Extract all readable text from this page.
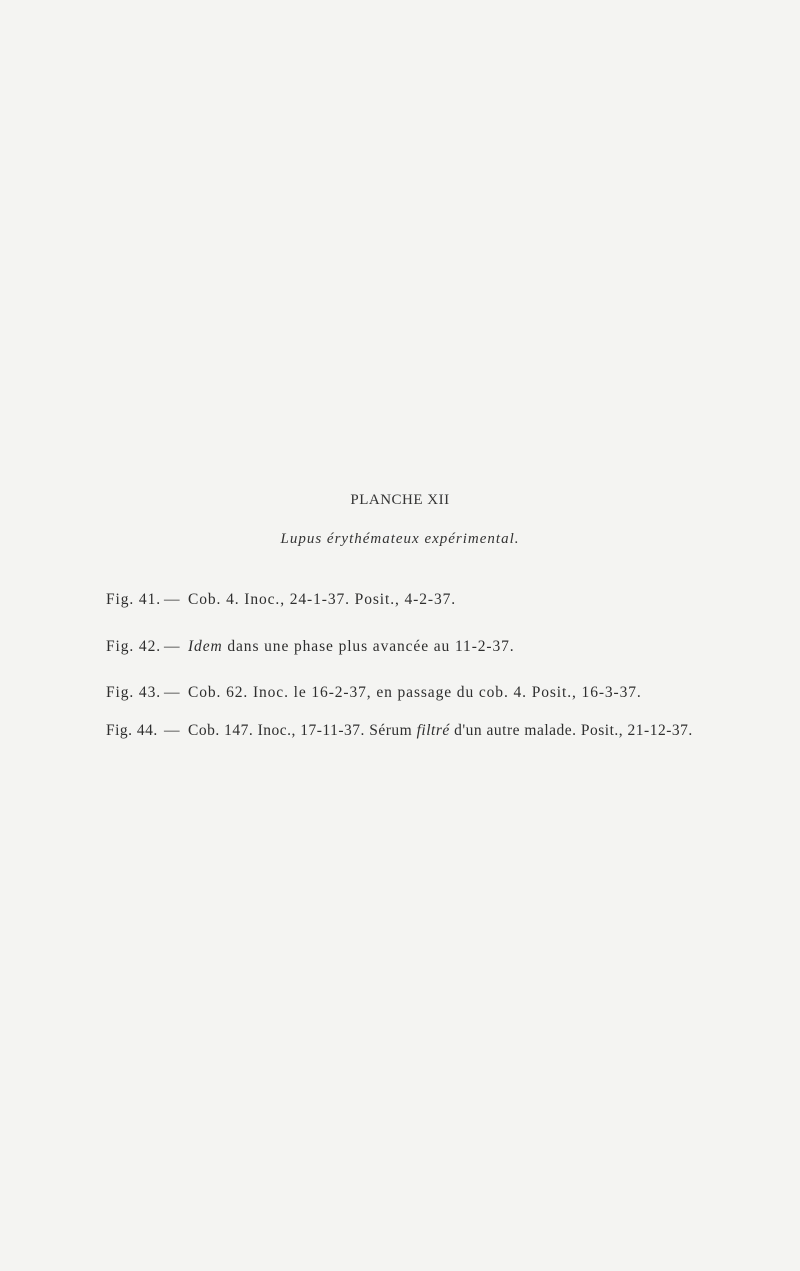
PLANCHE XII
Lupus érythémateux expérimental.
Fig. 41. — Cob. 4. Inoc., 24-1-37. Posit., 4-2-37.
Fig. 42. — Idem dans une phase plus avancée au 11-2-37.
Fig. 43. — Cob. 62. Inoc. le 16-2-37, en passage du cob. 4. Posit., 16-3-37.
Fig. 44. — Cob. 147. Inoc., 17-11-37. Sérum filtré d'un autre malade. Posit., 21-12-37.
